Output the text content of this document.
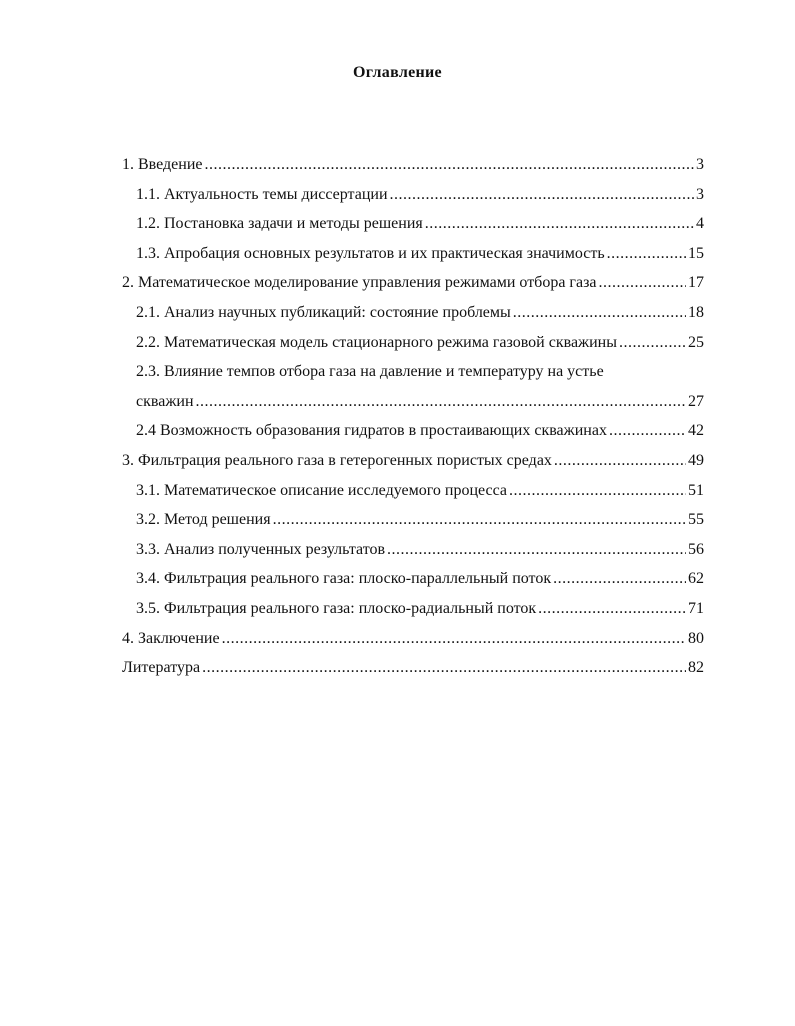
Оглавление
1. Введение .....	3
1.1. Актуальность темы диссертации .....	3
1.2. Постановка задачи и методы решения .....	4
1.3. Апробация основных результатов и их практическая значимость .....	15
2. Математическое моделирование управления режимами отбора газа .....	17
2.1. Анализ научных публикаций: состояние проблемы .....	18
2.2. Математическая модель стационарного режима газовой скважины .....	25
2.3. Влияние темпов отбора газа на давление и температуру на устье
скважин .....	27
2.4 Возможность образования гидратов в простаивающих скважинах .....	42
3. Фильтрация реального газа в гетерогенных пористых средах .....	49
3.1. Математическое описание исследуемого процесса .....	51
3.2. Метод решения .....	55
3.3. Анализ полученных результатов .....	56
3.4. Фильтрация реального газа: плоско-параллельный поток .....	62
3.5. Фильтрация реального газа: плоско-радиальный поток .....	71
4. Заключение .....	80
Литература .....	82
